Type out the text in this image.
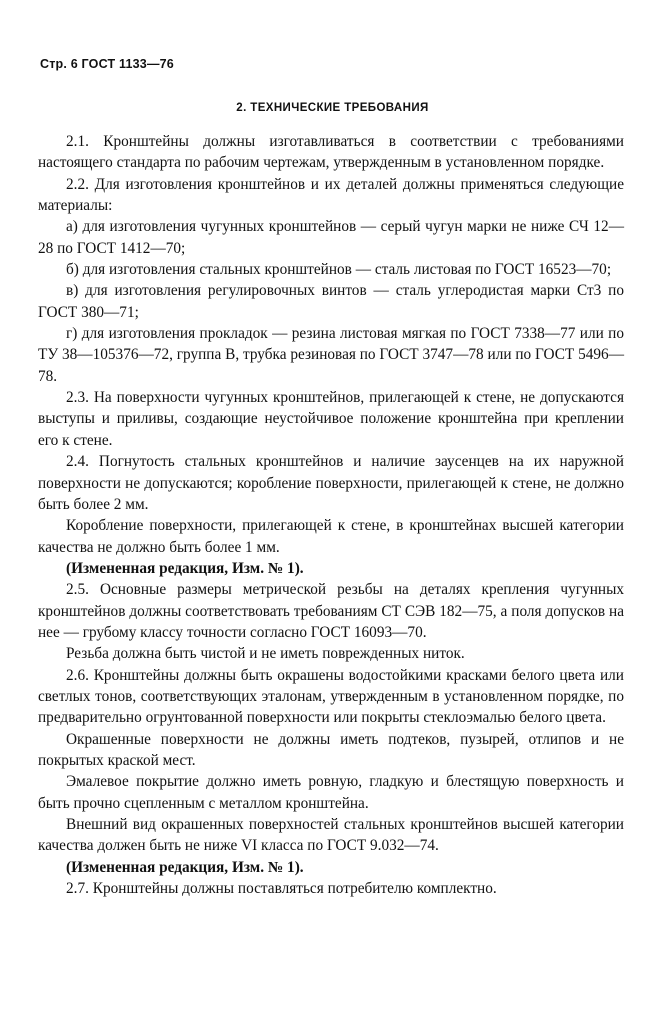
Стр. 6 ГОСТ 1133—76
2. ТЕХНИЧЕСКИЕ ТРЕБОВАНИЯ

2.1. Кронштейны должны изготавливаться в соответствии с требованиями настоящего стандарта по рабочим чертежам, утвержденным в установленном порядке.

2.2. Для изготовления кронштейнов и их деталей должны применяться следующие материалы:

а) для изготовления чугунных кронштейнов — серый чугун марки не ниже СЧ 12—28 по ГОСТ 1412—70;

б) для изготовления стальных кронштейнов — сталь листовая по ГОСТ 16523—70;

в) для изготовления регулировочных винтов — сталь углеродистая марки Ст3 по ГОСТ 380—71;

г) для изготовления прокладок — резина листовая мягкая по ГОСТ 7338—77 или по ТУ 38—105376—72, группа В, трубка резиновая по ГОСТ 3747—78 или по ГОСТ 5496—78.

2.3. На поверхности чугунных кронштейнов, прилегающей к стене, не допускаются выступы и приливы, создающие неустойчивое положение кронштейна при креплении его к стене.

2.4. Погнутость стальных кронштейнов и наличие заусенцев на их наружной поверхности не допускаются; коробление поверхности, прилегающей к стене, не должно быть более 2 мм.

Коробление поверхности, прилегающей к стене, в кронштейнах высшей категории качества не должно быть более 1 мм.

(Измененная редакция, Изм. № 1).

2.5. Основные размеры метрической резьбы на деталях крепления чугунных кронштейнов должны соответствовать требованиям СТ СЭВ 182—75, а поля допусков на нее — грубому классу точности согласно ГОСТ 16093—70.

Резьба должна быть чистой и не иметь поврежденных ниток.

2.6. Кронштейны должны быть окрашены водостойкими красками белого цвета или светлых тонов, соответствующих эталонам, утвержденным в установленном порядке, по предварительно огрунтованной поверхности или покрыты стеклоэмалью белого цвета.

Окрашенные поверхности не должны иметь подтеков, пузырей, отлипов и не покрытых краской мест.

Эмалевое покрытие должно иметь ровную, гладкую и блестящую поверхность и быть прочно сцепленным с металлом кронштейна.

Внешний вид окрашенных поверхностей стальных кронштейнов высшей категории качества должен быть не ниже VI класса по ГОСТ 9.032—74.

(Измененная редакция, Изм. № 1).

2.7. Кронштейны должны поставляться потребителю комплектно.
